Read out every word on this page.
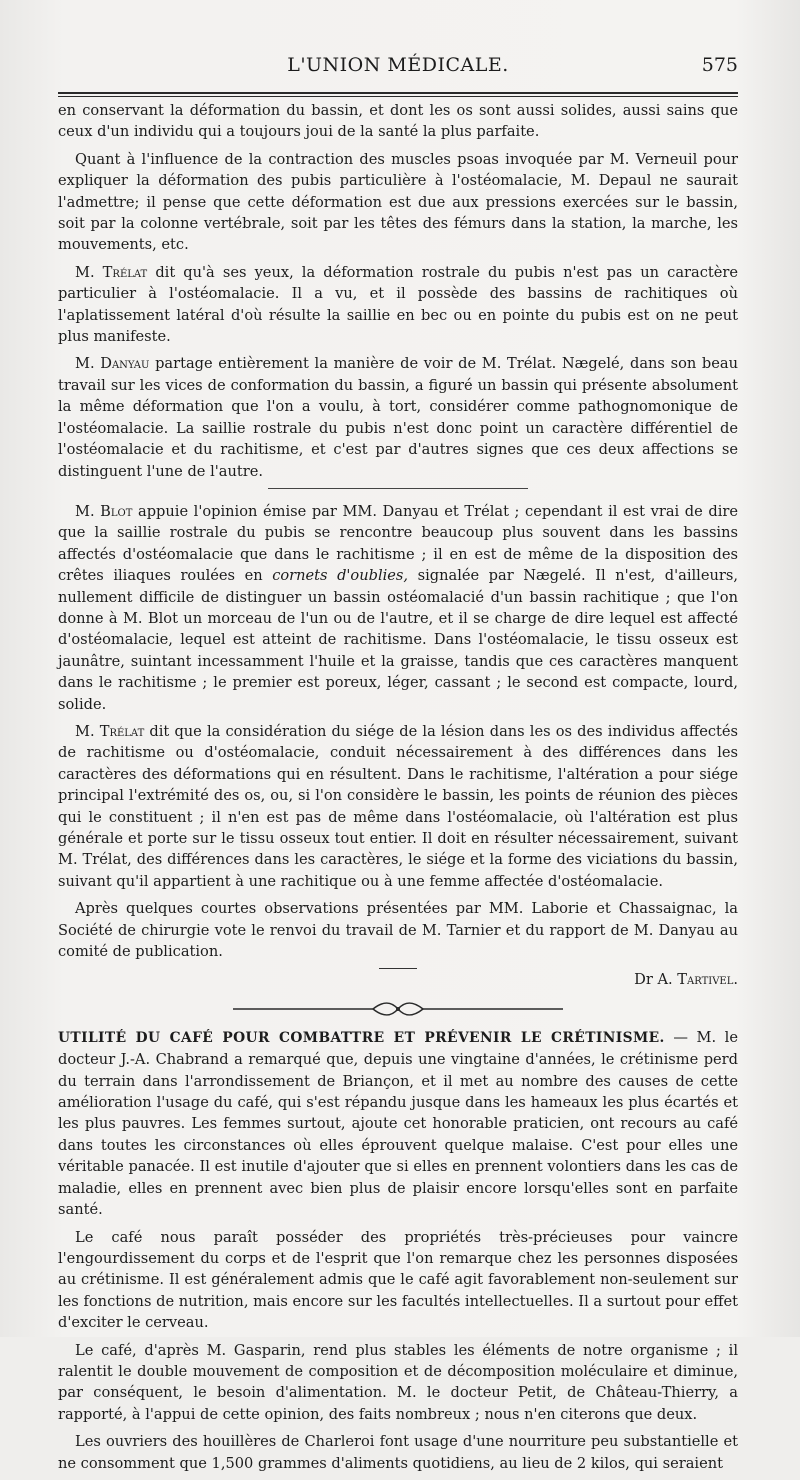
L'UNION MÉDICALE.	575

en conservant la déformation du bassin, et dont les os sont aussi solides, aussi sains que ceux d'un individu qui a toujours joui de la santé la plus parfaite.

Quant à l'influence de la contraction des muscles psoas invoquée par M. Verneuil pour expliquer la déformation des pubis particulière à l'ostéomalacie, M. Depaul ne saurait l'admettre; il pense que cette déformation est due aux pressions exercées sur le bassin, soit par la colonne vertébrale, soit par les têtes des fémurs dans la station, la marche, les mouvements, etc.

M. Trélat dit qu'à ses yeux, la déformation rostrale du pubis n'est pas un caractère particulier à l'ostéomalacie. Il a vu, et il possède des bassins de rachitiques où l'aplatissement latéral d'où résulte la saillie en bec ou en pointe du pubis est on ne peut plus manifeste.

M. Danyau partage entièrement la manière de voir de M. Trélat. Nægelé, dans son beau travail sur les vices de conformation du bassin, a figuré un bassin qui présente absolument la même déformation que l'on a voulu, à tort, considérer comme pathognomonique de l'ostéomalacie. La saillie rostrale du pubis n'est donc point un caractère différentiel de l'ostéomalacie et du rachitisme, et c'est par d'autres signes que ces deux affections se distinguent l'une de l'autre.

M. Blot appuie l'opinion émise par MM. Danyau et Trélat ; cependant il est vrai de dire que la saillie rostrale du pubis se rencontre beaucoup plus souvent dans les bassins affectés d'ostéomalacie que dans le rachitisme ; il en est de même de la disposition des crêtes iliaques roulées en cornets d'oublies, signalée par Nægelé. Il n'est, d'ailleurs, nullement difficile de distinguer un bassin ostéomalacié d'un bassin rachitique ; que l'on donne à M. Blot un morceau de l'un ou de l'autre, et il se charge de dire lequel est affecté d'ostéomalacie, lequel est atteint de rachitisme. Dans l'ostéomalacie, le tissu osseux est jaunâtre, suintant incessamment l'huile et la graisse, tandis que ces caractères manquent dans le rachitisme ; le premier est poreux, léger, cassant ; le second est compacte, lourd, solide.

M. Trélat dit que la considération du siége de la lésion dans les os des individus affectés de rachitisme ou d'ostéomalacie, conduit nécessairement à des différences dans les caractères des déformations qui en résultent. Dans le rachitisme, l'altération a pour siége principal l'extrémité des os, ou, si l'on considère le bassin, les points de réunion des pièces qui le constituent ; il n'en est pas de même dans l'ostéomalacie, où l'altération est plus générale et porte sur le tissu osseux tout entier. Il doit en résulter nécessairement, suivant M. Trélat, des différences dans les caractères, le siége et la forme des viciations du bassin, suivant qu'il appartient à une rachitique ou à une femme affectée d'ostéomalacie.

Après quelques courtes observations présentées par MM. Laborie et Chassaignac, la Société de chirurgie vote le renvoi du travail de M. Tarnier et du rapport de M. Danyau au comité de publication.

Dr A. Tartivel.

UTILITÉ DU CAFÉ POUR COMBATTRE ET PRÉVENIR LE CRÉTINISME. — M. le docteur J.-A. Chabrand a remarqué que, depuis une vingtaine d'années, le crétinisme perd du terrain dans l'arrondissement de Briançon, et il met au nombre des causes de cette amélioration l'usage du café, qui s'est répandu jusque dans les hameaux les plus écartés et les plus pauvres. Les femmes surtout, ajoute cet honorable praticien, ont recours au café dans toutes les circonstances où elles éprouvent quelque malaise. C'est pour elles une véritable panacée. Il est inutile d'ajouter que si elles en prennent volontiers dans les cas de maladie, elles en prennent avec bien plus de plaisir encore lorsqu'elles sont en parfaite santé.

Le café nous paraît posséder des propriétés très-précieuses pour vaincre l'engourdissement du corps et de l'esprit que l'on remarque chez les personnes disposées au crétinisme. Il est généralement admis que le café agit favorablement non-seulement sur les fonctions de nutrition, mais encore sur les facultés intellectuelles. Il a surtout pour effet d'exciter le cerveau.

Le café, d'après M. Gasparin, rend plus stables les éléments de notre organisme ; il ralentit le double mouvement de composition et de décomposition moléculaire et diminue, par conséquent, le besoin d'alimentation. M. le docteur Petit, de Château-Thierry, a rapporté, à l'appui de cette opinion, des faits nombreux ; nous n'en citerons que deux.

Les ouvriers des houillères de Charleroi font usage d'une nourriture peu substantielle et ne consomment que 1,500 grammes d'aliments quotidiens, au lieu de 2 kilos, qui seraient
